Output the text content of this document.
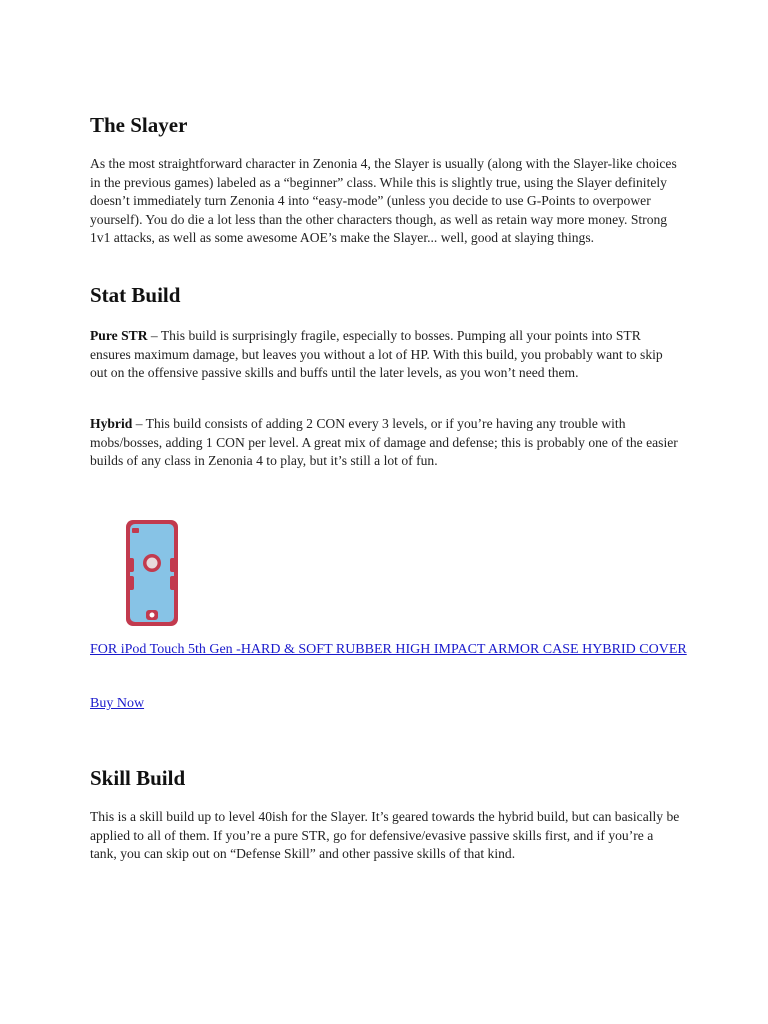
The Slayer

As the most straightforward character in Zenonia 4, the Slayer is usually (along with the Slayer-like choices in the previous games) labeled as a “beginner” class. While this is slightly true, using the Slayer definitely doesn’t immediately turn Zenonia 4 into “easy-mode” (unless you decide to use G-Points to overpower yourself). You do die a lot less than the other characters though, as well as retain way more money. Strong 1v1 attacks, as well as some awesome AOE’s make the Slayer... well, good at slaying things.

Stat Build

Pure STR – This build is surprisingly fragile, especially to bosses. Pumping all your points into STR ensures maximum damage, but leaves you without a lot of HP. With this build, you probably want to skip out on the offensive passive skills and buffs until the later levels, as you won’t need them.

Hybrid – This build consists of adding 2 CON every 3 levels, or if you’re having any trouble with mobs/bosses, adding 1 CON per level. A great mix of damage and defense; this is probably one of the easier builds of any class in Zenonia 4 to play, but it’s still a lot of fun.

FOR iPod Touch 5th Gen -HARD & SOFT RUBBER HIGH IMPACT ARMOR CASE HYBRID COVER
Buy Now
Skill Build

This is a skill build up to level 40ish for the Slayer. It’s geared towards the hybrid build, but can basically be applied to all of them. If you’re a pure STR, go for defensive/evasive passive skills first, and if you’re a tank, you can skip out on “Defense Skill” and other passive skills of that kind.
